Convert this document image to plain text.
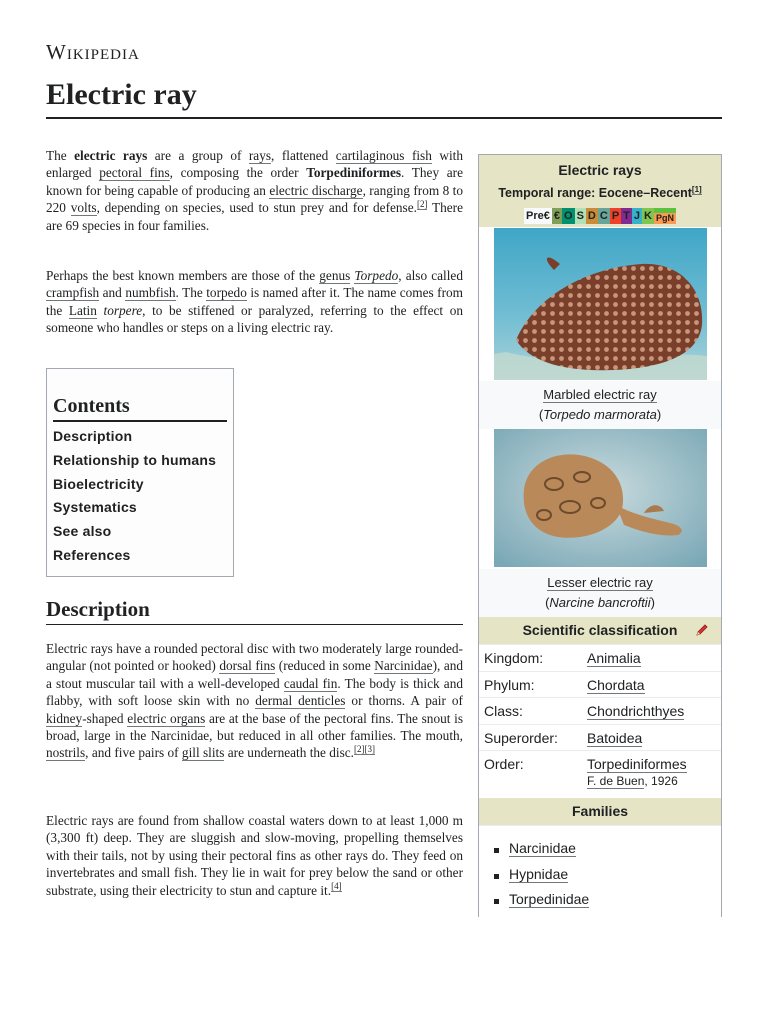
Wikipedia
Electric ray

The electric rays are a group of rays, flattened cartilaginous fish with enlarged pectoral fins, composing the order Torpediniformes. They are known for being capable of producing an electric discharge, ranging from 8 to 220 volts, depending on species, used to stun prey and for defense.[2] There are 69 species in four families.

Perhaps the best known members are those of the genus Torpedo, also called crampfish and numbfish. The torpedo is named after it. The name comes from the Latin torpere, to be stiffened or paralyzed, referring to the effect on someone who handles or steps on a living electric ray.

Contents
Description
Relationship to humans
Bioelectricity
Systematics
See also
References
Description

Electric rays have a rounded pectoral disc with two moderately large rounded-angular (not pointed or hooked) dorsal fins (reduced in some Narcinidae), and a stout muscular tail with a well-developed caudal fin. The body is thick and flabby, with soft loose skin with no dermal denticles or thorns. A pair of kidney-shaped electric organs are at the base of the pectoral fins. The snout is broad, large in the Narcinidae, but reduced in all other families. The mouth, nostrils, and five pairs of gill slits are underneath the disc.[2][3]

Electric rays are found from shallow coastal waters down to at least 1,000 m (3,300 ft) deep. They are sluggish and slow-moving, propelling themselves with their tails, not by using their pectoral fins as other rays do. They feed on invertebrates and small fish. They lie in wait for prey below the sand or other substrate, using their electricity to stun and capture it.[4]

Electric rays
Temporal range: Eocene–Recent[1]
Pre€ € O S D C P T J K PgN
Marbled electric ray
(Torpedo marmorata)
Lesser electric ray
(Narcine bancroftii)
Scientific classification
Kingdom:	Animalia
Phylum:	Chordata
Class:	Chondrichthyes
Superorder:	Batoidea
Order:	Torpediniformes
F. de Buen, 1926
Families
Narcinidae
Hypnidae
Torpedinidae
